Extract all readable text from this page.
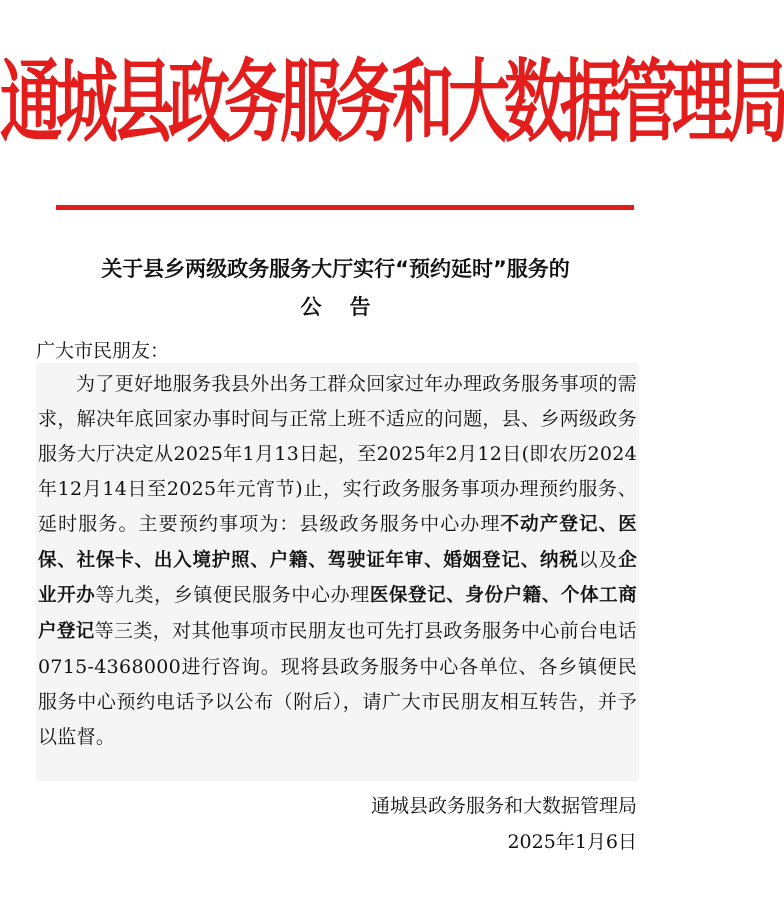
通城县政务服务和大数据管理局
关于县乡两级政务服务大厅实行“预约延时”服务的
公告
广大市民朋友：
为了更好地服务我县外出务工群众回家过年办理政务服务事项的需求，解决年底回家办事时间与正常上班不适应的问题，县、乡两级政务服务大厅决定从2025年1月13日起，至2025年2月12日(即农历2024年12月14日至2025年元宵节)止，实行政务服务事项办理预约服务、延时服务。主要预约事项为：县级政务服务中心办理不动产登记、医保、社保卡、出入境护照、户籍、驾驶证年审、婚姻登记、纳税以及企业开办等九类，乡镇便民服务中心办理医保登记、身份户籍、个体工商户登记等三类，对其他事项市民朋友也可先打县政务服务中心前台电话0715-4368000进行咨询。现将县政务服务中心各单位、各乡镇便民服务中心预约电话予以公布（附后），请广大市民朋友相互转告，并予以监督。
通城县政务服务和大数据管理局
2025年1月6日
